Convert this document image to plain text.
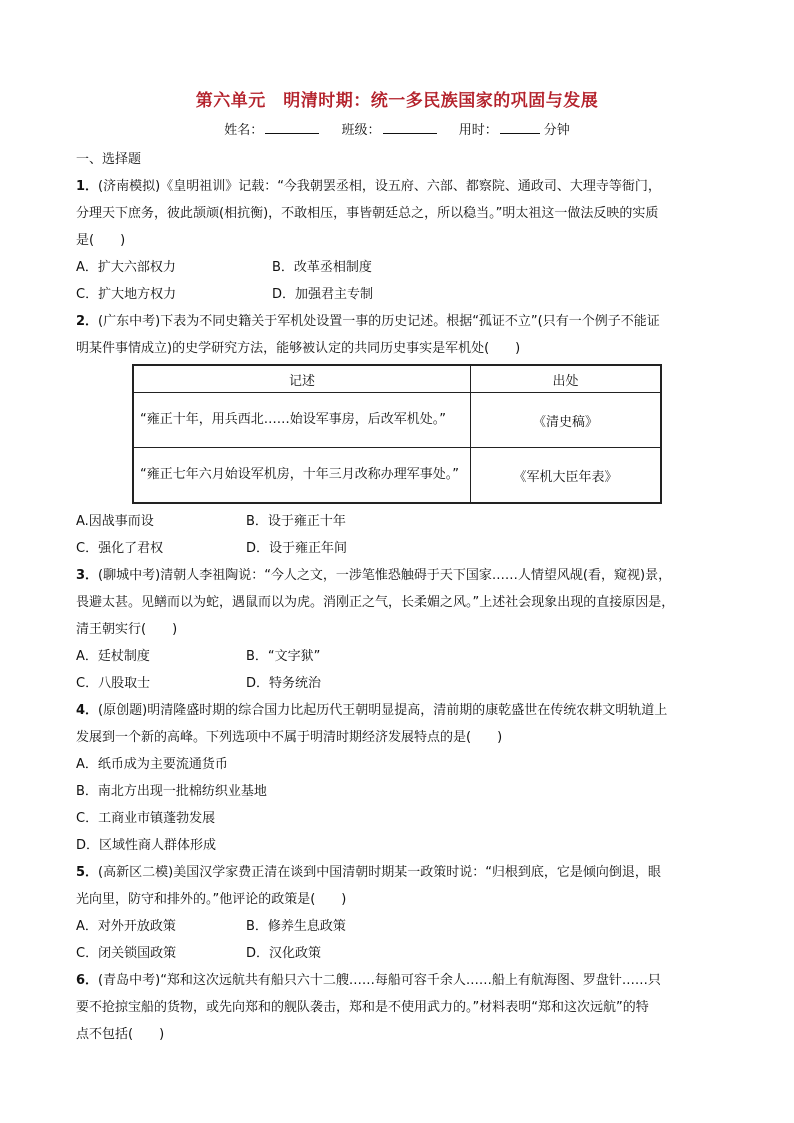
第六单元　明清时期：统一多民族国家的巩固与发展
姓名：	班级：	用时：	分钟
一、选择题
1．(济南模拟)《皇明祖训》记载：“今我朝罢丞相，设五府、六部、都察院、通政司、大理寺等衙门，
分理天下庶务，彼此颉颃(相抗衡)，不敢相压，事皆朝廷总之，所以稳当。”明太祖这一做法反映的实质
是(　　)
A．扩大六部权力	B．改革丞相制度
C．扩大地方权力	D．加强君主专制
2．(广东中考)下表为不同史籍关于军机处设置一事的历史记述。根据“孤证不立”(只有一个例子不能证
明某件事情成立)的史学研究方法，能够被认定的共同历史事实是军机处(　　)
记述	出处
“雍正十年，用兵西北……始设军事房，后改军机处。”	《清史稿》
“雍正七年六月始设军机房，十年三月改称办理军事处。”	《军机大臣年表》
A.因战事而设	B．设于雍正十年
C．强化了君权	D．设于雍正年间
3．(聊城中考)清朝人李祖陶说：“今人之文，一涉笔惟恐触碍于天下国家……人情望风觇(看，窥视)景，
畏避太甚。见鳝而以为蛇，遇鼠而以为虎。消刚正之气，长柔媚之风。”上述社会现象出现的直接原因是，
清王朝实行(　　)
A．廷杖制度	B．“文字狱”
C．八股取士	D．特务统治
4．(原创题)明清隆盛时期的综合国力比起历代王朝明显提高，清前期的康乾盛世在传统农耕文明轨道上
发展到一个新的高峰。下列选项中不属于明清时期经济发展特点的是(　　)
A．纸币成为主要流通货币
B．南北方出现一批棉纺织业基地
C．工商业市镇蓬勃发展
D．区域性商人群体形成
5．(高新区二模)美国汉学家费正清在谈到中国清朝时期某一政策时说：“归根到底，它是倾向倒退，眼
光向里，防守和排外的。”他评论的政策是(　　)
A．对外开放政策	B．修养生息政策
C．闭关锁国政策	D．汉化政策
6．(青岛中考)“郑和这次远航共有船只六十二艘……每船可容千余人……船上有航海图、罗盘针……只
要不抢掠宝船的货物，或先向郑和的舰队袭击，郑和是不使用武力的。”材料表明“郑和这次远航”的特
点不包括(　　)
